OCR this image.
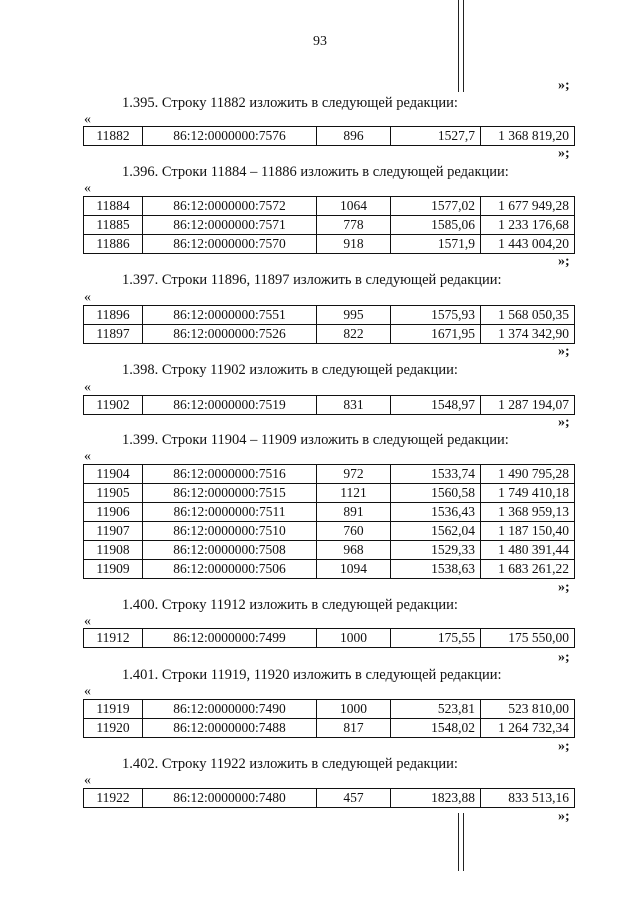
93
»;
1.395. Строку 11882 изложить в следующей редакции:
«
11882	86:12:0000000:7576	896	1527,7	1 368 819,20
»;
1.396. Строки 11884 – 11886 изложить в следующей редакции:
«
11884	86:12:0000000:7572	1064	1577,02	1 677 949,28
11885	86:12:0000000:7571	778	1585,06	1 233 176,68
11886	86:12:0000000:7570	918	1571,9	1 443 004,20
»;
1.397. Строки 11896, 11897 изложить в следующей редакции:
«
11896	86:12:0000000:7551	995	1575,93	1 568 050,35
11897	86:12:0000000:7526	822	1671,95	1 374 342,90
»;
1.398. Строку 11902 изложить в следующей редакции:
«
11902	86:12:0000000:7519	831	1548,97	1 287 194,07
»;
1.399. Строки 11904 – 11909 изложить в следующей редакции:
«
11904	86:12:0000000:7516	972	1533,74	1 490 795,28
11905	86:12:0000000:7515	1121	1560,58	1 749 410,18
11906	86:12:0000000:7511	891	1536,43	1 368 959,13
11907	86:12:0000000:7510	760	1562,04	1 187 150,40
11908	86:12:0000000:7508	968	1529,33	1 480 391,44
11909	86:12:0000000:7506	1094	1538,63	1 683 261,22
»;
1.400. Строку 11912 изложить в следующей редакции:
«
11912	86:12:0000000:7499	1000	175,55	175 550,00
»;
1.401. Строки 11919, 11920 изложить в следующей редакции:
«
11919	86:12:0000000:7490	1000	523,81	523 810,00
11920	86:12:0000000:7488	817	1548,02	1 264 732,34
»;
1.402. Строку 11922 изложить в следующей редакции:
«
11922	86:12:0000000:7480	457	1823,88	833 513,16
»;
